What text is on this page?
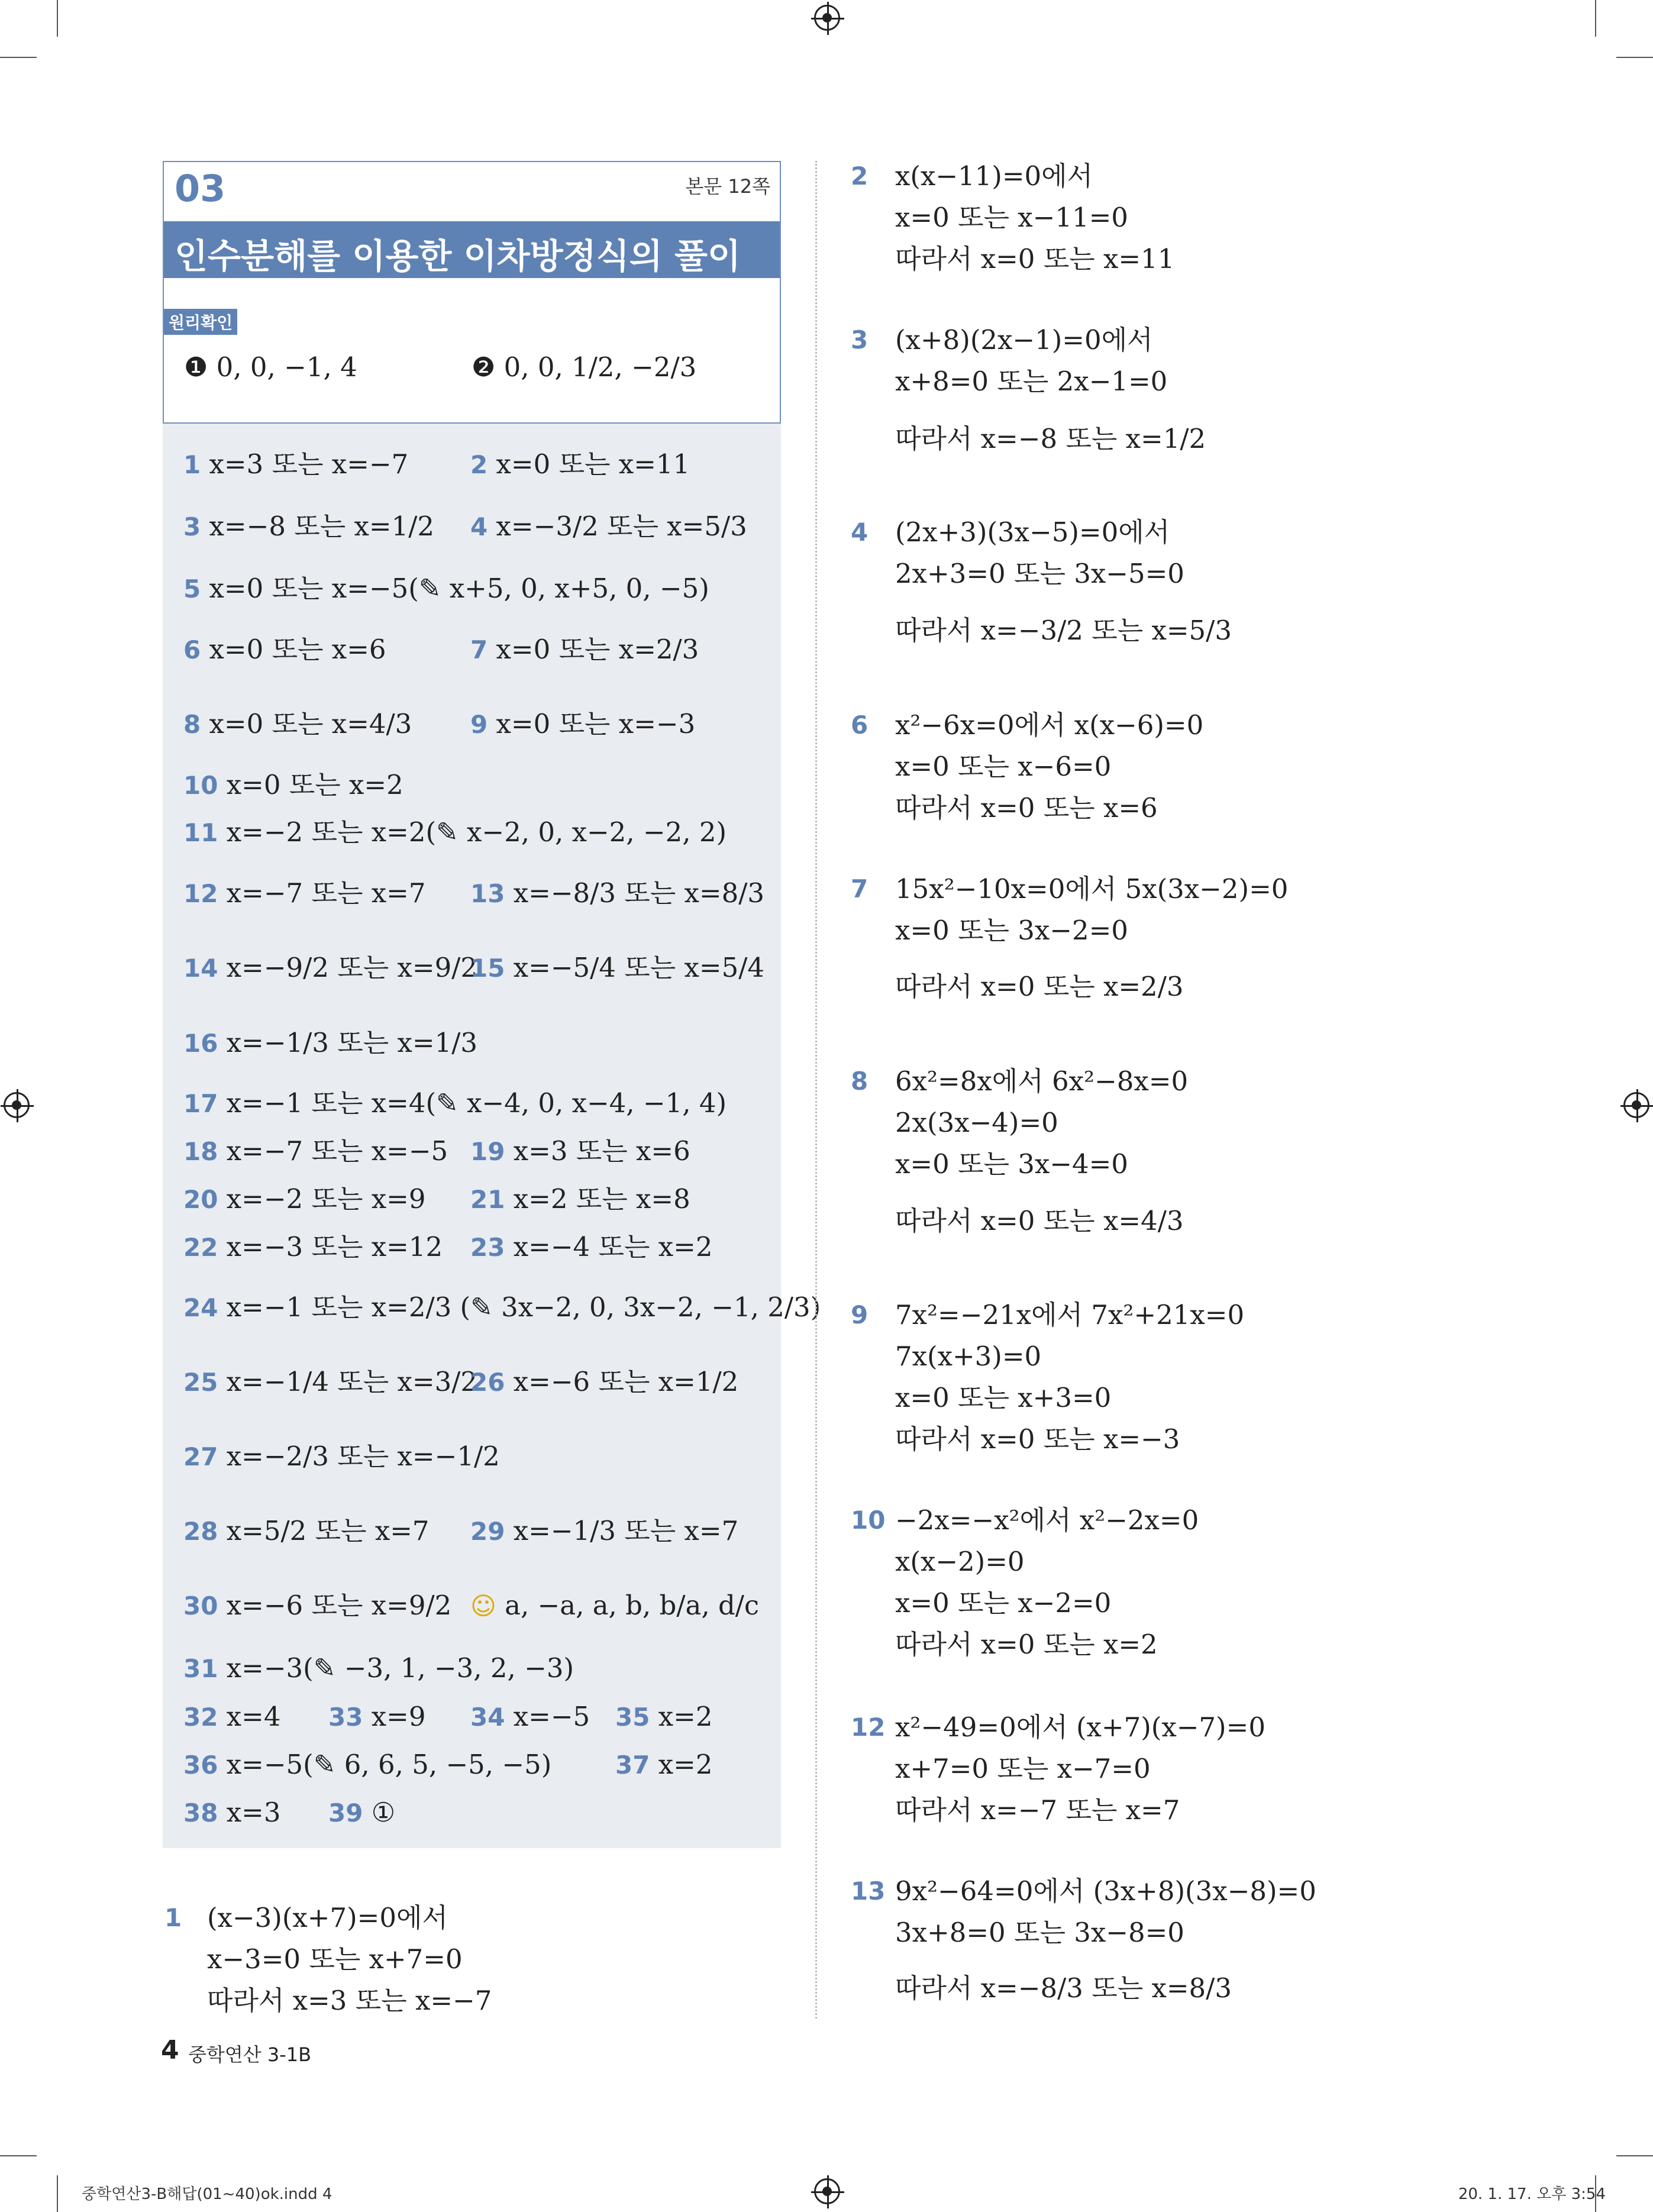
03	본문 12쪽
인수분해를 이용한 이차방정식의 풀이
원리확인
❶ 0, 0, −1, 4	❷ 0, 0, 1/2, −2/3
1 x=3 또는 x=−7 2 x=0 또는 x=11
3 x=−8 또는 x=1/2 4 x=−3/2 또는 x=5/3
5 x=0 또는 x=−5(✎ x+5, 0, x+5, 0, −5)
6 x=0 또는 x=6	7 x=0 또는 x=2/3
8 x=0 또는 x=4/3 9 x=0 또는 x=−3
10 x=0 또는 x=2
11 x=−2 또는 x=2(✎ x−2, 0, x−2, −2, 2)
12 x=−7 또는 x=7 13 x=−8/3 또는 x=8/3
14 x=−9/2 또는 x=9/2
15 x=−5/4 또는 x=5/4
16 x=−1/3 또는 x=1/3
17 x=−1 또는 x=4(✎ x−4, 0, x−4, −1, 4)
18 x=−7 또는 x=−5 19 x=3 또는 x=6
20 x=−2 또는 x=9 21 x=2 또는 x=8
22 x=−3 또는 x=12 23 x=−4 또는 x=2
24 x=−1 또는 x=2/3 (✎ 3x−2, 0, 3x−2, −1, 2/3)
25 x=−1/4 또는 x=3/2
26 x=−6 또는 x=1/2
27 x=−2/3 또는 x=−1/2
28 x=5/2 또는 x=7 29 x=−1/3 또는 x=7
30 x=−6 또는 x=9/2 ☺ a, −a, a, b, b/a, d/c
31 x=−3(✎ −3, 1, −3, 2, −3)
32 x=4 33 x=9 34 x=−5 35 x=2
36 x=−5(✎ 6, 6, 5, −5, −5)	37 x=2
38 x=3 39 ①
1 (x−3)(x+7)=0에서
x−3=0 또는 x+7=0
따라서 x=3 또는 x=−7
2 x(x−11)=0에서
x=0 또는 x−11=0
따라서 x=0 또는 x=11
3 (x+8)(2x−1)=0에서
x+8=0 또는 2x−1=0
따라서 x=−8 또는 x=1/2
4 (2x+3)(3x−5)=0에서
2x+3=0 또는 3x−5=0
따라서 x=−3/2 또는 x=5/3
6 x²−6x=0에서 x(x−6)=0
x=0 또는 x−6=0
따라서 x=0 또는 x=6
7 15x²−10x=0에서 5x(3x−2)=0
x=0 또는 3x−2=0
따라서 x=0 또는 x=2/3
8 6x²=8x에서 6x²−8x=0
2x(3x−4)=0
x=0 또는 3x−4=0
따라서 x=0 또는 x=4/3
9 7x²=−21x에서 7x²+21x=0
7x(x+3)=0
x=0 또는 x+3=0
따라서 x=0 또는 x=−3
10 −2x=−x²에서 x²−2x=0
x(x−2)=0
x=0 또는 x−2=0
따라서 x=0 또는 x=2
12 x²−49=0에서 (x+7)(x−7)=0
x+7=0 또는 x−7=0
따라서 x=−7 또는 x=7
13 9x²−64=0에서 (3x+8)(3x−8)=0
3x+8=0 또는 3x−8=0
따라서 x=−8/3 또는 x=8/3
4 중학연산 3-1B
중학연산3-B해답(01~40)ok.indd 4	20. 1. 17. 오후 3:54
